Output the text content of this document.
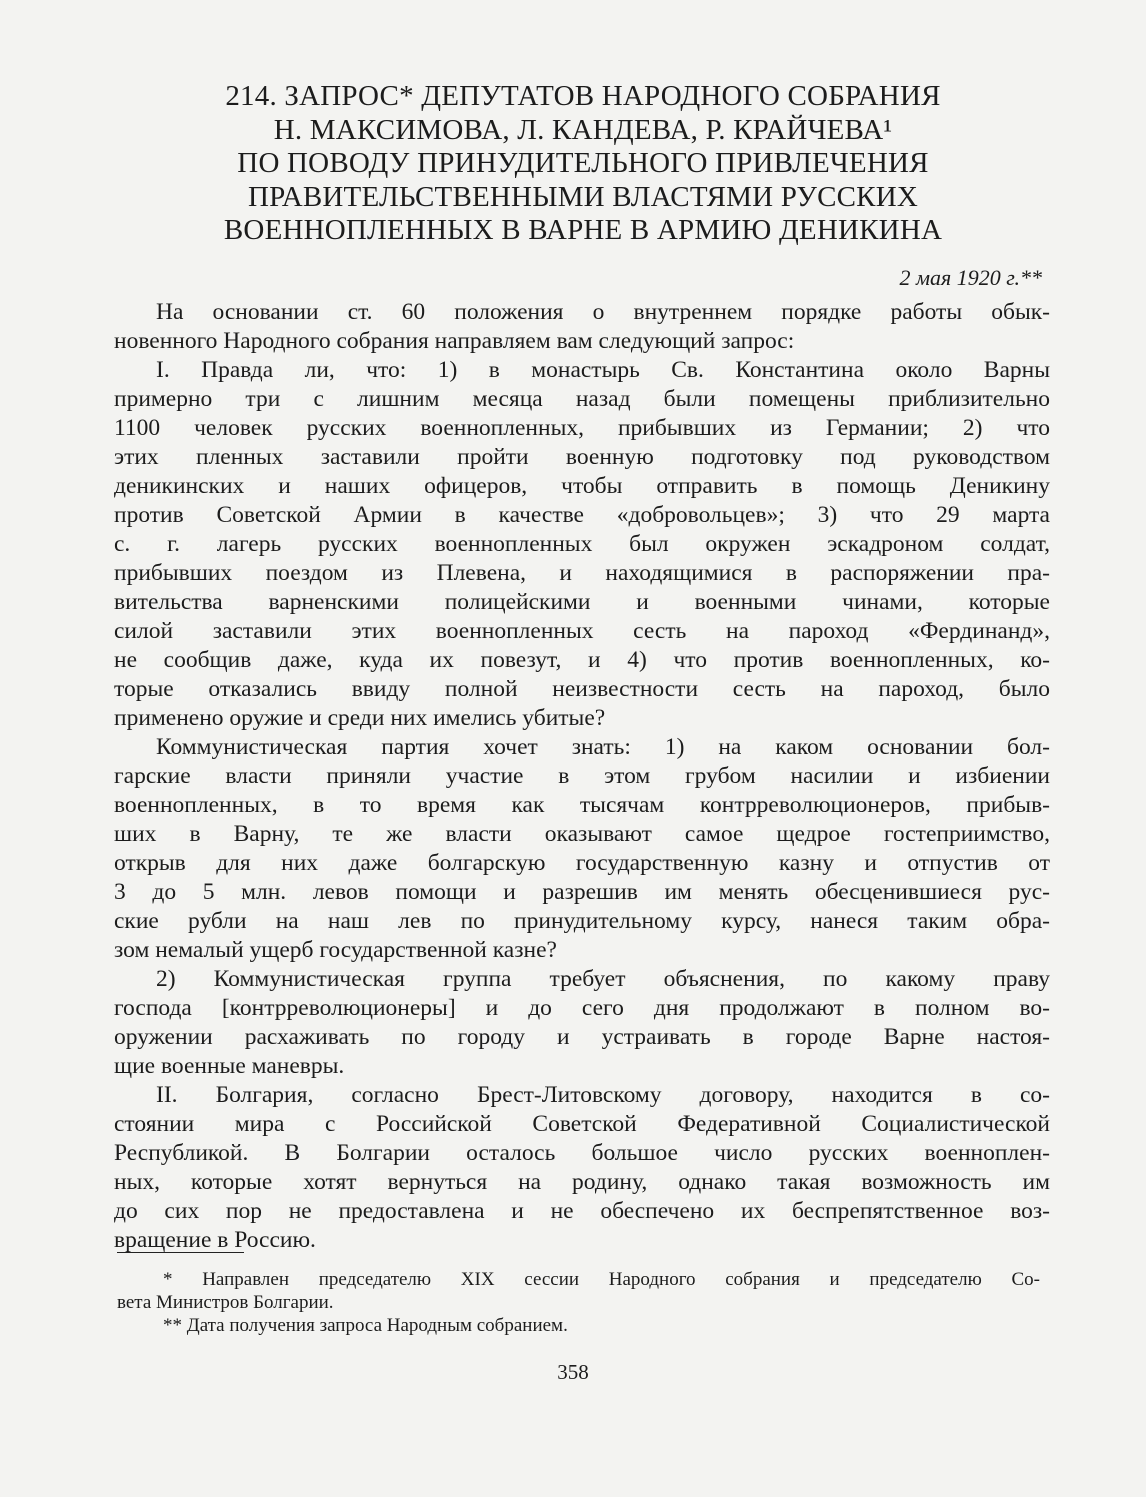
214. ЗАПРОС* ДЕПУТАТОВ НАРОДНОГО СОБРАНИЯ
Н. МАКСИМОВА, Л. КАНДЕВА, Р. КРАЙЧЕВА¹
ПО ПОВОДУ ПРИНУДИТЕЛЬНОГО ПРИВЛЕЧЕНИЯ
ПРАВИТЕЛЬСТВЕННЫМИ ВЛАСТЯМИ РУССКИХ
ВОЕННОПЛЕННЫХ В ВАРНЕ В АРМИЮ ДЕНИКИНА
2 мая 1920 г.**
На основании ст. 60 положения о внутреннем порядке работы обык-
новенного Народного собрания направляем вам следующий запрос:
I. Правда ли, что: 1) в монастырь Св. Константина около Варны
примерно три с лишним месяца назад были помещены приблизительно
1100 человек русских военнопленных, прибывших из Германии; 2) что
этих пленных заставили пройти военную подготовку под руководством
деникинских и наших офицеров, чтобы отправить в помощь Деникину
против Советской Армии в качестве «добровольцев»; 3) что 29 марта
с. г. лагерь русских военнопленных был окружен эскадроном солдат,
прибывших поездом из Плевена, и находящимися в распоряжении пра-
вительства варненскими полицейскими и военными чинами, которые
силой заставили этих военнопленных сесть на пароход «Фердинанд»,
не сообщив даже, куда их повезут, и 4) что против военнопленных, ко-
торые отказались ввиду полной неизвестности сесть на пароход, было
применено оружие и среди них имелись убитые?
Коммунистическая партия хочет знать: 1) на каком основании бол-
гарские власти приняли участие в этом грубом насилии и избиении
военнопленных, в то время как тысячам контрреволюционеров, прибыв-
ших в Варну, те же власти оказывают самое щедрое гостеприимство,
открыв для них даже болгарскую государственную казну и отпустив от
3 до 5 млн. левов помощи и разрешив им менять обесценившиеся рус-
ские рубли на наш лев по принудительному курсу, нанеся таким обра-
зом немалый ущерб государственной казне?
2) Коммунистическая группа требует объяснения, по какому праву
господа [контрреволюционеры] и до сего дня продолжают в полном во-
оружении расхаживать по городу и устраивать в городе Варне настоя-
щие военные маневры.
II. Болгария, согласно Брест-Литовскому договору, находится в со-
стоянии мира с Российской Советской Федеративной Социалистической
Республикой. В Болгарии осталось большое число русских военноплен-
ных, которые хотят вернуться на родину, однако такая возможность им
до сих пор не предоставлена и не обеспечено их беспрепятственное воз-
вращение в Россию.
* Направлен председателю XIX сессии Народного собрания и председателю Со-
вета Министров Болгарии.
** Дата получения запроса Народным собранием.
358
